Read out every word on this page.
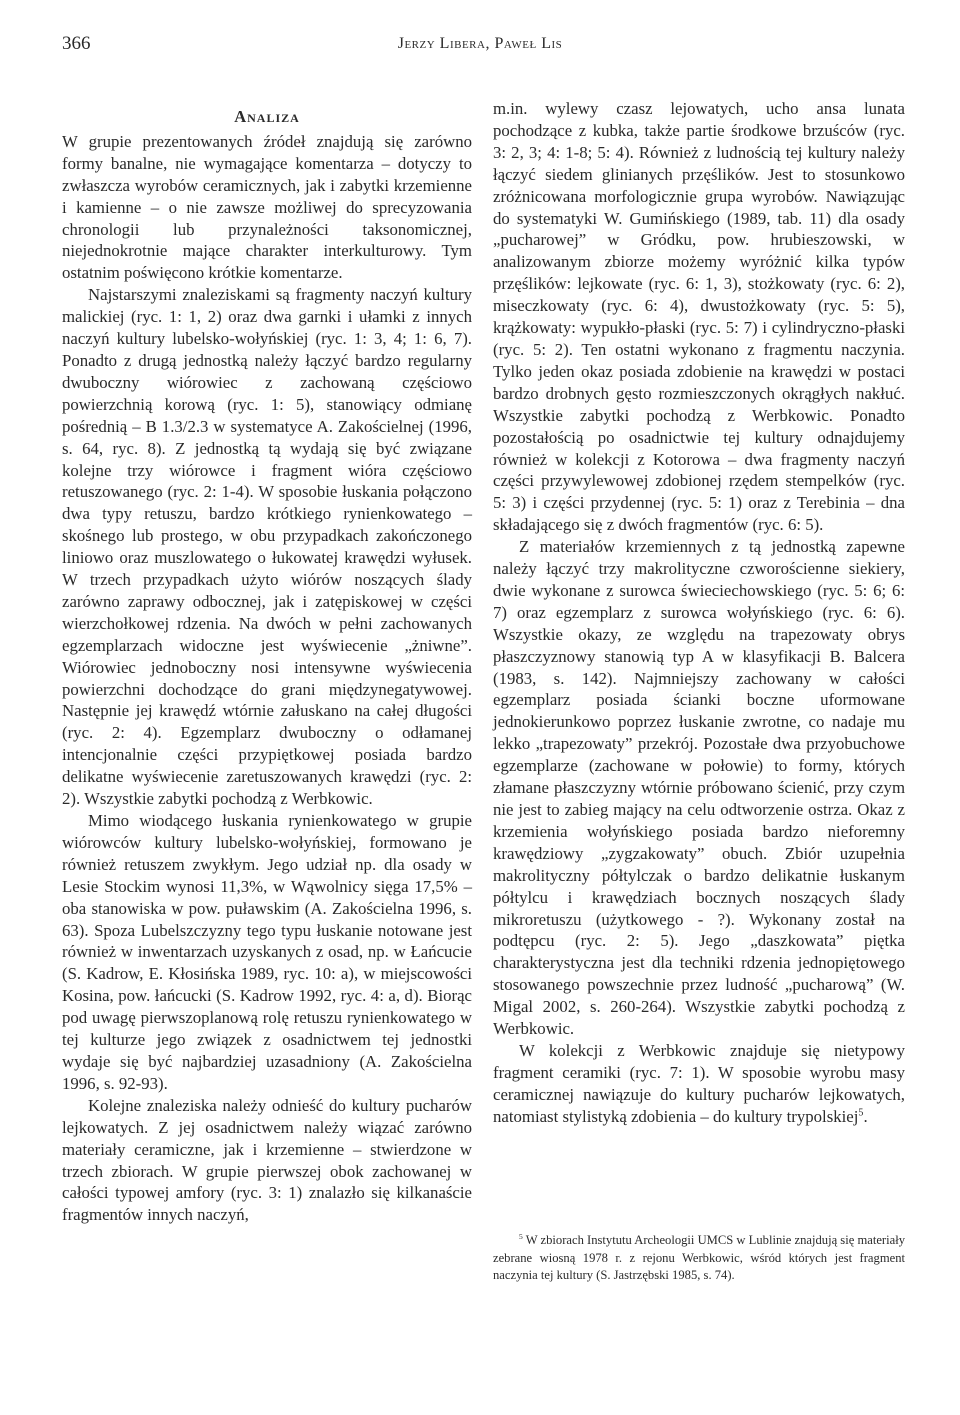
366	Jerzy Libera, Paweł Lis
Analiza

W grupie prezentowanych źródeł znajdują się zarówno formy banalne, nie wymagające komentarza – dotyczy to zwłaszcza wyrobów ceramicznych, jak i zabytki krzemienne i kamienne – o nie zawsze możliwej do sprecyzowania chronologii lub przynależności taksonomicznej, niejednokrotnie mające charakter interkulturowy. Tym ostatnim poświęcono krótkie komentarze.

Najstarszymi znaleziskami są fragmenty naczyń kultury malickiej (ryc. 1: 1, 2) oraz dwa garnki i ułamki z innych naczyń kultury lubelsko-wołyńskiej (ryc. 1: 3, 4; 1: 6, 7). Ponadto z drugą jednostką należy łączyć bardzo regularny dwuboczny wiórowiec z zachowaną częściowo powierzchnią korową (ryc. 1: 5), stanowiący odmianę pośrednią – B 1.3/2.3 w systematyce A. Zakościelnej (1996, s. 64, ryc. 8). Z jednostką tą wydają się być związane kolejne trzy wiórowce i fragment wióra częściowo retuszowanego (ryc. 2: 1-4). W sposobie łuskania połączono dwa typy retuszu, bardzo krótkiego rynienkowatego – skośnego lub prostego, w obu przypadkach zakończonego liniowo oraz muszlowatego o łukowatej krawędzi wyłusek. W trzech przypadkach użyto wiórów noszących ślady zarówno zaprawy odbocznej, jak i zatępiskowej w części wierzchołkowej rdzenia. Na dwóch w pełni zachowanych egzemplarzach widoczne jest wyświecenie „żniwne”. Wiórowiec jednoboczny nosi intensywne wyświecenia powierzchni dochodzące do grani międzynegatywowej. Następnie jej krawędź wtórnie załuskano na całej długości (ryc. 2: 4). Egzemplarz dwuboczny o odłamanej intencjonalnie części przypiętkowej posiada bardzo delikatne wyświecenie zaretuszowanych krawędzi (ryc. 2: 2). Wszystkie zabytki pochodzą z Werbkowic.

Mimo wiodącego łuskania rynienkowatego w grupie wiórowców kultury lubelsko-wołyńskiej, formowano je również retuszem zwykłym. Jego udział np. dla osady w Lesie Stockim wynosi 11,3%, w Wąwolnicy sięga 17,5% – oba stanowiska w pow. puławskim (A. Zakościelna 1996, s. 63). Spoza Lubelszczyzny tego typu łuskanie notowane jest również w inwentarzach uzyskanych z osad, np. w Łańcucie (S. Kadrow, E. Kłosińska 1989, ryc. 10: a), w miejscowości Kosina, pow. łańcucki (S. Kadrow 1992, ryc. 4: a, d). Biorąc pod uwagę pierwszoplanową rolę retuszu rynienkowatego w tej kulturze jego związek z osadnictwem tej jednostki wydaje się być najbardziej uzasadniony (A. Zakościelna 1996, s. 92-93).

Kolejne znaleziska należy odnieść do kultury pucharów lejkowatych. Z jej osadnictwem należy wiązać zarówno materiały ceramiczne, jak i krzemienne – stwierdzone w trzech zbiorach. W grupie pierwszej obok zachowanej w całości typowej amfory (ryc. 3: 1) znalazło się kilkanaście fragmentów innych naczyń,

m.in. wylewy czasz lejowatych, ucho ansa lunata pochodzące z kubka, także partie środkowe brzuśców (ryc. 3: 2, 3; 4: 1-8; 5: 4). Również z ludnością tej kultury należy łączyć siedem glinianych przęślików. Jest to stosunkowo zróżnicowana morfologicznie grupa wyrobów. Nawiązując do systematyki W. Gumińskiego (1989, tab. 11) dla osady „pucharowej” w Gródku, pow. hrubieszowski, w analizowanym zbiorze możemy wyróżnić kilka typów przęślików: lejkowate (ryc. 6: 1, 3), stożkowaty (ryc. 6: 2), miseczkowaty (ryc. 6: 4), dwustożkowaty (ryc. 5: 5), krążkowaty: wypukło-płaski (ryc. 5: 7) i cylindryczno-płaski (ryc. 5: 2). Ten ostatni wykonano z fragmentu naczynia. Tylko jeden okaz posiada zdobienie na krawędzi w postaci bardzo drobnych gęsto rozmieszczonych okrągłych nakłuć. Wszystkie zabytki pochodzą z Werbkowic. Ponadto pozostałością po osadnictwie tej kultury odnajdujemy również w kolekcji z Kotorowa – dwa fragmenty naczyń części przywylewowej zdobionej rzędem stempelków (ryc. 5: 3) i części przydennej (ryc. 5: 1) oraz z Terebinia – dna składającego się z dwóch fragmentów (ryc. 6: 5).

Z materiałów krzemiennych z tą jednostką zapewne należy łączyć trzy makrolityczne czworościenne siekiery, dwie wykonane z surowca świeciechowskiego (ryc. 5: 6; 6: 7) oraz egzemplarz z surowca wołyńskiego (ryc. 6: 6). Wszystkie okazy, ze względu na trapezowaty obrys płaszczyznowy stanowią typ A w klasyfikacji B. Balcera (1983, s. 142). Najmniejszy zachowany w całości egzemplarz posiada ścianki boczne uformowane jednokierunkowo poprzez łuskanie zwrotne, co nadaje mu lekko „trapezowaty” przekrój. Pozostałe dwa przyobuchowe egzemplarze (zachowane w połowie) to formy, których złamane płaszczyzny wtórnie próbowano ścienić, przy czym nie jest to zabieg mający na celu odtworzenie ostrza. Okaz z krzemienia wołyńskiego posiada bardzo nieforemny krawędziowy „zygzakowaty” obuch. Zbiór uzupełnia makrolityczny półtylczak o bardzo delikatnie łuskanym półtylcu i krawędziach bocznych noszących ślady mikroretuszu (użytkowego - ?). Wykonany został na podtępcu (ryc. 2: 5). Jego „daszkowata” piętka charakterystyczna jest dla techniki rdzenia jednopiętowego stosowanego powszechnie przez ludność „pucharową” (W. Migal 2002, s. 260-264). Wszystkie zabytki pochodzą z Werbkowic.

W kolekcji z Werbkowic znajduje się nietypowy fragment ceramiki (ryc. 7: 1). W sposobie wyrobu masy ceramicznej nawiązuje do kultury pucharów lejkowatych, natomiast stylistyką zdobienia – do kultury trypolskiej$^5$.

$^5$ W zbiorach Instytutu Archeologii UMCS w Lublinie znajdują się materiały zebrane wiosną 1978 r. z rejonu Werbkowic, wśród których jest fragment naczynia tej kultury (S. Jastrzębski 1985, s. 74).
